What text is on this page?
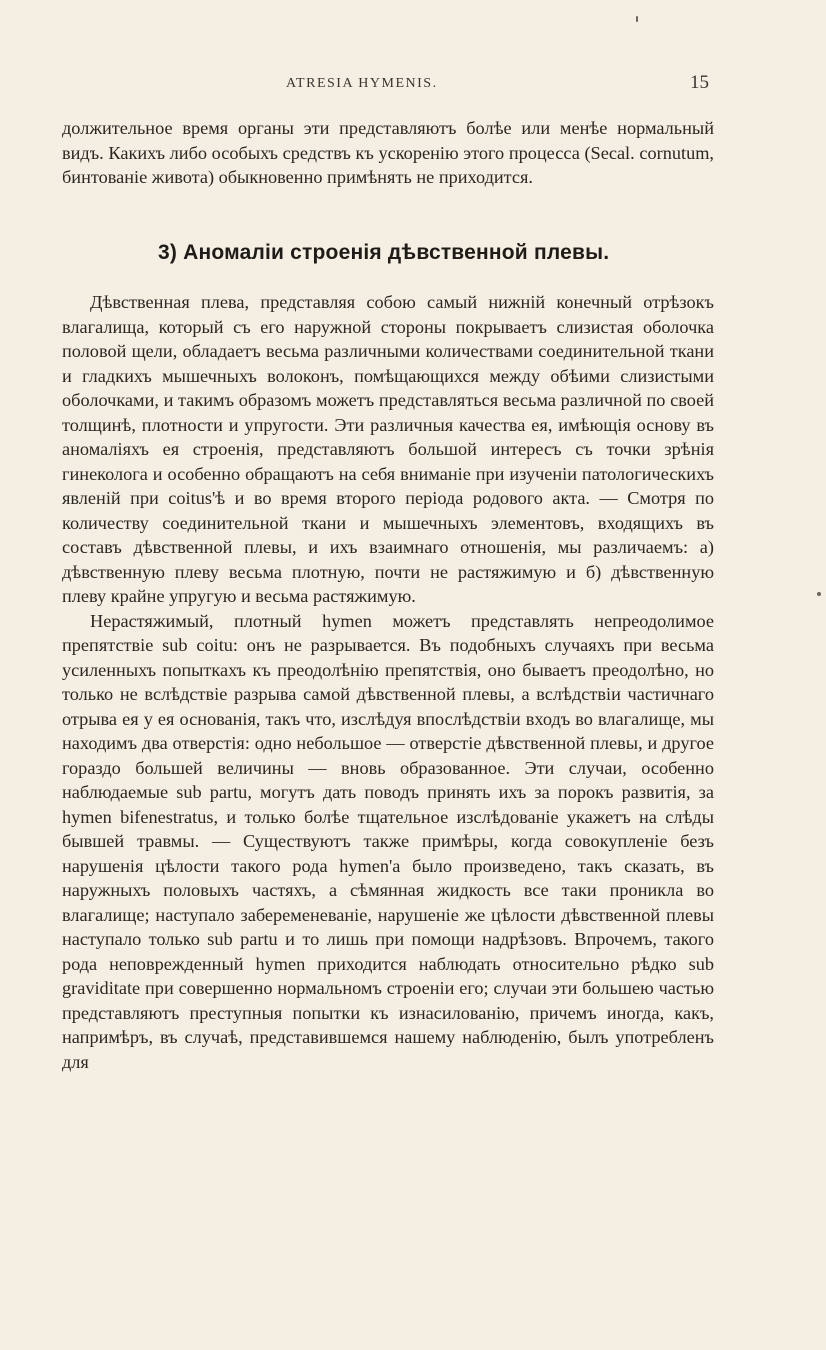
ATRESIA HYMENIS.	15

должительное время органы эти представляютъ болѣе или менѣе нормальный видъ. Какихъ либо особыхъ средствъ къ ускоренію этого процесса (Secal. cornutum, бинтованіе живота) обыкновенно примѣнять не приходится.

3) Аномаліи строенія дѣвственной плевы.

Дѣвственная плева, представляя собою самый нижній конечный отрѣзокъ влагалища, который съ его наружной стороны покрываетъ слизистая оболочка половой щели, обладаетъ весьма различными количествами соединительной ткани и гладкихъ мышечныхъ волоконъ, помѣщающихся между обѣими слизистыми оболочками, и такимъ образомъ можетъ представляться весьма различной по своей толщинѣ, плотности и упругости. Эти различныя качества ея, имѣющія основу въ аномаліяхъ ея строенія, представляютъ большой интересъ съ точки зрѣнія гинеколога и особенно обращаютъ на себя вниманіе при изученіи патологическихъ явленій при coitus'ѣ и во время второго періода родового акта. — Смотря по количеству соединительной ткани и мышечныхъ элементовъ, входящихъ въ составъ дѣвственной плевы, и ихъ взаимнаго отношенія, мы различаемъ: а) дѣвственную плеву весьма плотную, почти не растяжимую и б) дѣвственную плеву крайне упругую и весьма растяжимую.

Нерастяжимый, плотный hymen можетъ представлять непреодолимое препятствіе sub coitu: онъ не разрывается. Въ подобныхъ случаяхъ при весьма усиленныхъ попыткахъ къ преодолѣнію препятствія, оно бываетъ преодолѣно, но только не вслѣдствіе разрыва самой дѣвственной плевы, а вслѣдствіи частичнаго отрыва ея у ея основанія, такъ что, изслѣдуя впослѣдствіи входъ во влагалище, мы находимъ два отверстія: одно небольшое — отверстіе дѣвственной плевы, и другое гораздо большей величины — вновь образованное. Эти случаи, особенно наблюдаемые sub partu, могутъ дать поводъ принять ихъ за порокъ развитія, за hymen bifenestratus, и только болѣе тщательное изслѣдованіе укажетъ на слѣды бывшей травмы. — Существуютъ также примѣры, когда совокупленіе безъ нарушенія цѣлости такого рода hymen'а было произведено, такъ сказать, въ наружныхъ половыхъ частяхъ, а сѣмянная жидкость все таки проникла во влагалище; наступало забеременеваніе, нарушеніе же цѣлости дѣвственной плевы наступало только sub partu и то лишь при помощи надрѣзовъ. Впрочемъ, такого рода неповрежденный hymen приходится наблюдать относительно рѣдко sub graviditate при совершенно нормальномъ строеніи его; случаи эти большею частью представляютъ преступныя попытки къ изнасилованію, причемъ иногда, какъ, напримѣръ, въ случаѣ, представившемся нашему наблюденію, былъ употребленъ для
